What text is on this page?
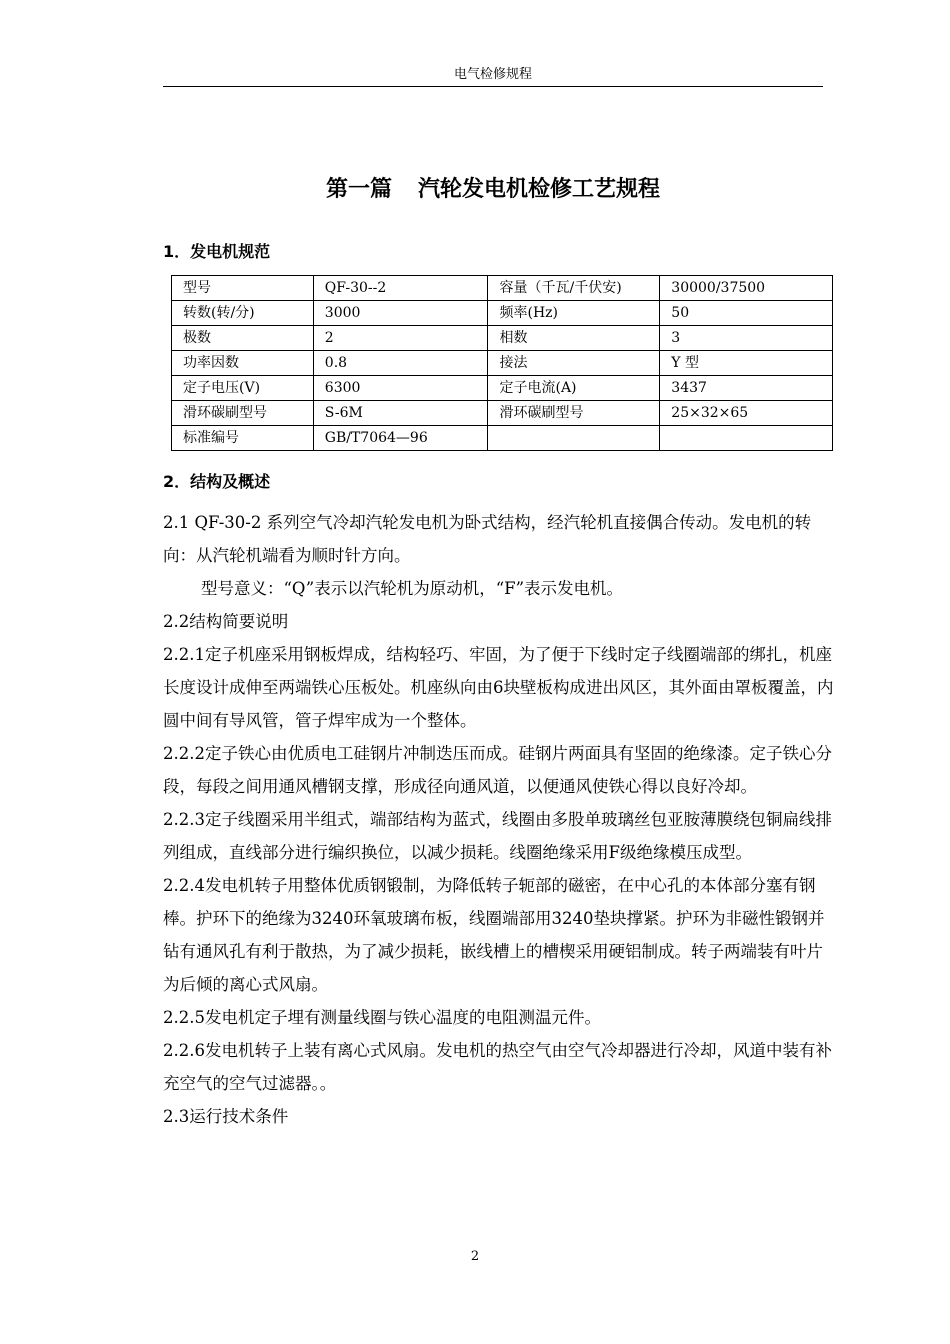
电气检修规程
第一篇 汽轮发电机检修工艺规程
1．发电机规范
型号	QF-30--2	容量（千瓦/千伏安)	30000/37500
转数(转/分)	3000	频率(Hz)	50
极数	2	相数	3
功率因数	0.8	接法	Y 型
定子电压(V)	6300	定子电流(A)	3437
滑环碳刷型号	S-6M	滑环碳刷型号	25×32×65
标准编号	GB/T7064—96		
2．结构及概述

2.1 QF-30-2 系列空气冷却汽轮发电机为卧式结构，经汽轮机直接偶合传动。发电机的转向：从汽轮机端看为顺时针方向。

型号意义：“Q”表示以汽轮机为原动机，“F”表示发电机。

2.2结构简要说明

2.2.1定子机座采用钢板焊成，结构轻巧、牢固，为了便于下线时定子线圈端部的绑扎，机座长度设计成伸至两端铁心压板处。机座纵向由6块壁板构成进出风区，其外面由罩板覆盖，内圆中间有导风管，管子焊牢成为一个整体。

2.2.2定子铁心由优质电工硅钢片冲制迭压而成。硅钢片两面具有坚固的绝缘漆。定子铁心分段，每段之间用通风槽钢支撑，形成径向通风道，以便通风使铁心得以良好冷却。

2.2.3定子线圈采用半组式，端部结构为蓝式，线圈由多股单玻璃丝包亚胺薄膜绕包铜扁线排列组成，直线部分进行编织换位，以减少损耗。线圈绝缘采用F级绝缘模压成型。

2.2.4发电机转子用整体优质钢锻制，为降低转子轭部的磁密，在中心孔的本体部分塞有钢棒。护环下的绝缘为3240环氧玻璃布板，线圈端部用3240垫块撑紧。护环为非磁性锻钢并钻有通风孔有利于散热，为了减少损耗，嵌线槽上的槽楔采用硬铝制成。转子两端装有叶片为后倾的离心式风扇。

2.2.5发电机定子埋有测量线圈与铁心温度的电阻测温元件。

2.2.6发电机转子上装有离心式风扇。发电机的热空气由空气冷却器进行冷却，风道中装有补充空气的空气过滤器。。

2.3运行技术条件

2
